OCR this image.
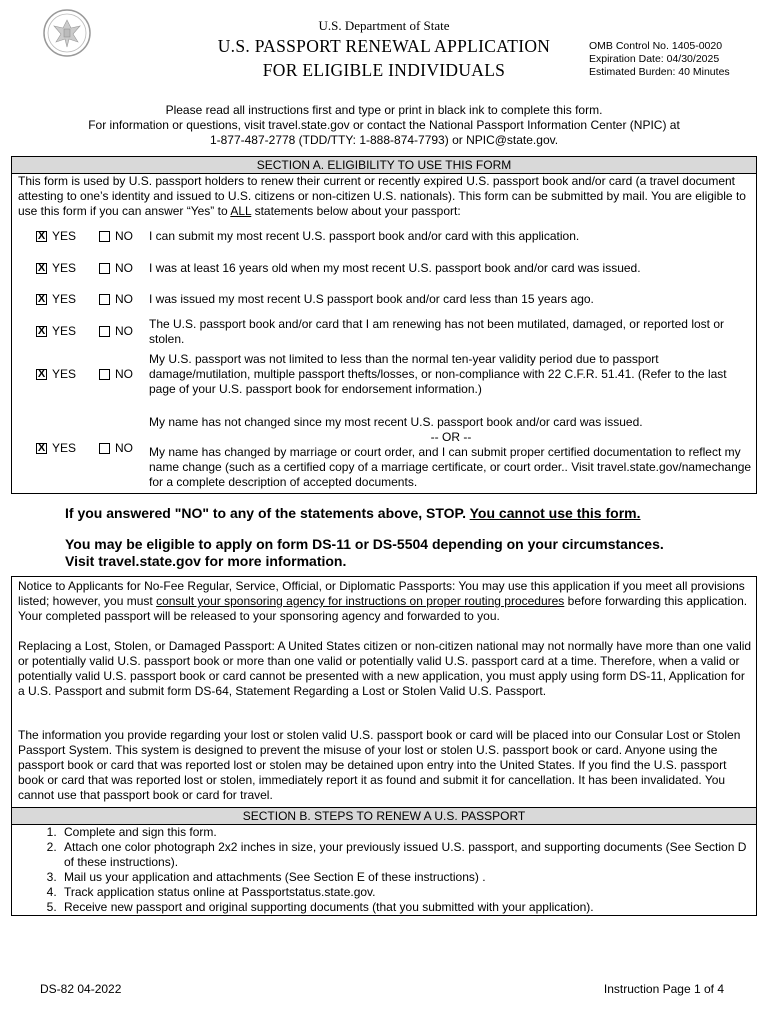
U.S. Department of State
U.S. PASSPORT RENEWAL APPLICATION
FOR ELIGIBLE INDIVIDUALS
OMB Control No. 1405-0020
Expiration Date: 04/30/2025
Estimated Burden: 40 Minutes
Please read all instructions first and type or print in black ink to complete this form.
For information or questions, visit travel.state.gov or contact the National Passport Information Center (NPIC) at
1-877-487-2778 (TDD/TTY: 1-888-874-7793) or NPIC@state.gov.
SECTION A. ELIGIBILITY TO USE THIS FORM
This form is used by U.S. passport holders to renew their current or recently expired U.S. passport book and/or card (a travel document attesting to one’s identity and issued to U.S. citizens or non-citizen U.S. nationals). This form can be submitted by mail. You are eligible to use this form if you can answer “Yes” to ALL statements below about your passport:
X YES	NO I can submit my most recent U.S. passport book and/or card with this application.
X YES	NO I was at least 16 years old when my most recent U.S. passport book and/or card was issued.
X YES	NO I was issued my most recent U.S passport book and/or card less than 15 years ago.
X YES	NO The U.S. passport book and/or card that I am renewing has not been mutilated, damaged, or reported lost or stolen.
X YES	NO
My U.S. passport was not limited to less than the normal ten-year validity period due to passport damage/mutilation, multiple passport thefts/losses, or non-compliance with 22 C.F.R. 51.41. (Refer to the last page of your U.S. passport book for endorsement information.)
X YES	NO
My name has not changed since my most recent U.S. passport book and/or card was issued.
-- OR --
My name has changed by marriage or court order, and I can submit proper certified documentation to reflect my name change (such as a certified copy of a marriage certificate, or court order.. Visit travel.state.gov/namechange for a complete description of accepted documents.
If you answered "NO" to any of the statements above, STOP. You cannot use this form.
You may be eligible to apply on form DS-11 or DS-5504 depending on your circumstances.
Visit travel.state.gov for more information.

Notice to Applicants for No-Fee Regular, Service, Official, or Diplomatic Passports: You may use this application if you meet all provisions listed; however, you must consult your sponsoring agency for instructions on proper routing procedures before forwarding this application. Your completed passport will be released to your sponsoring agency and forwarded to you.

Replacing a Lost, Stolen, or Damaged Passport: A United States citizen or non-citizen national may not normally have more than one valid or potentially valid U.S. passport book or more than one valid or potentially valid U.S. passport card at a time. Therefore, when a valid or potentially valid U.S. passport book or card cannot be presented with a new application, you must apply using form DS-11, Application for a U.S. Passport and submit form DS-64, Statement Regarding a Lost or Stolen Valid U.S. Passport.

The information you provide regarding your lost or stolen valid U.S. passport book or card will be placed into our Consular Lost or Stolen Passport System. This system is designed to prevent the misuse of your lost or stolen U.S. passport book or card. Anyone using the passport book or card that was reported lost or stolen may be detained upon entry into the United States. If you find the U.S. passport book or card that was reported lost or stolen, immediately report it as found and submit it for cancellation. It has been invalidated. You cannot use that passport book or card for travel.

SECTION B. STEPS TO RENEW A U.S. PASSPORT
1. Complete and sign this form.
2. Attach one color photograph 2x2 inches in size, your previously issued U.S. passport, and supporting documents (See Section D of these instructions).
3. Mail us your application and attachments (See Section E of these instructions) .
4. Track application status online at Passportstatus.state.gov.
5. Receive new passport and original supporting documents (that you submitted with your application).
DS-82 04-2022	Instruction Page 1 of 4
